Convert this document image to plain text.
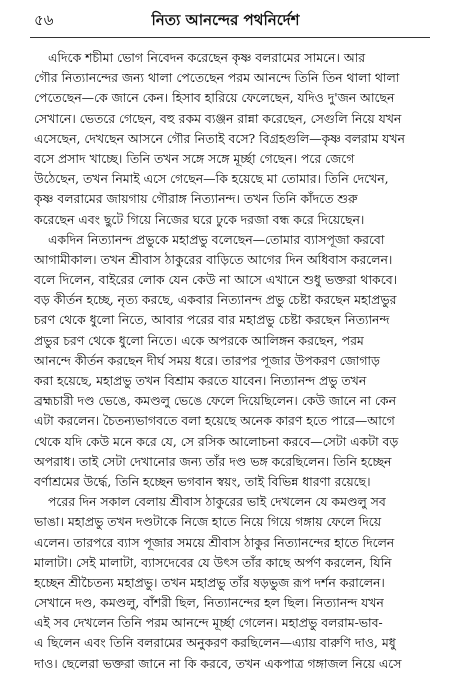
৫৬	নিত্য আনন্দের পথনির্দেশ
এদিকে শচীমা ভোগ নিবেদন করেছেন কৃষ্ণ বলরামের সামনে। আর
গৌর নিত্যানন্দের জন্য থালা পেতেছেন পরম আনন্দে তিনি তিন থালা থালা
পেতেছেন—কে জানে কেন। হিসাব হারিয়ে ফেলেছেন, যদিও দু'জন আছেন
সেখানে। ভেতরে গেছেন, বহু রকম ব্যঞ্জন রান্না করেছেন, সেগুলি নিয়ে যখন
এসেছেন, দেখছেন আসনে গৌর নিতাই বসে? বিগ্রহগুলি—কৃষ্ণ বলরাম যখন
বসে প্রসাদ খাচ্ছে। তিনি তখন সঙ্গে সঙ্গে মূর্চ্ছা গেছেন। পরে জেগে
উঠেছেন, তখন নিমাই এসে গেছেন—কি হয়েছে মা তোমার। তিনি দেখেন,
কৃষ্ণ বলরামের জায়গায় গৌরাঙ্গ নিত্যানন্দ। তখন তিনি কাঁদতে শুরু
করেছেন এবং ছুটে গিয়ে নিজের ঘরে ঢুকে দরজা বন্ধ করে দিয়েছেন।
একদিন নিত্যানন্দ প্রভুকে মহাপ্রভু বলেছেন—তোমার ব্যাসপূজা করবো
আগামীকাল। তখন শ্রীবাস ঠাকুরের বাড়িতে আগের দিন অধিবাস করলেন।
বলে দিলেন, বাইরের লোক যেন কেউ না আসে এখানে শুধু ভক্তরা থাকবে।
বড় কীর্তন হচ্ছে, নৃত্য করছে, একবার নিত্যানন্দ প্রভু চেষ্টা করছেন মহাপ্রভুর
চরণ থেকে ধুলো নিতে, আবার পরের বার মহাপ্রভু চেষ্টা করছেন নিত্যানন্দ
প্রভুর চরণ থেকে ধুলো নিতে। একে অপরকে আলিঙ্গন করছেন, পরম
আনন্দে কীর্তন করছেন দীর্ঘ সময় ধরে। তারপর পূজার উপকরণ জোগাড়
করা হয়েছে, মহাপ্রভু তখন বিশ্রাম করতে যাবেন। নিত্যানন্দ প্রভু তখন
ব্রহ্মচারী দণ্ড ভেঙে, কমণ্ডলু ভেঙে ফেলে দিয়েছিলেন। কেউ জানে না কেন
এটা করলেন। চৈতন্যভাগবতে বলা হয়েছে অনেক কারণ হতে পারে—আগে
থেকে যদি কেউ মনে করে যে, সে রসিক আলোচনা করবে—সেটা একটা বড়
অপরাধ। তাই সেটা দেখানোর জন্য তাঁর দণ্ড ভঙ্গ করেছিলেন। তিনি হচ্ছেন
বর্ণাশ্রমের উর্দ্ধে, তিনি হচ্ছেন ভগবান স্বয়ং, তাই বিভিন্ন ধারণা রয়েছে।
পরের দিন সকাল বেলায় শ্রীবাস ঠাকুরের ভাই দেখলেন যে কমণ্ডলু সব
ভাঙা। মহাপ্রভু তখন দণ্ডটাকে নিজে হাতে নিয়ে গিয়ে গঙ্গায় ফেলে দিয়ে
এলেন। তারপরে ব্যাস পূজার সময়ে শ্রীবাস ঠাকুর নিত্যানন্দের হাতে দিলেন
মালাটা। সেই মালাটা, ব্যাসদেবের যে উৎস তাঁর কাছে অর্পণ করলেন, যিনি
হচ্ছেন শ্রীচৈতন্য মহাপ্রভু। তখন মহাপ্রভু তাঁর ষড়ভুজ রূপ দর্শন করালেন।
সেখানে দণ্ড, কমণ্ডলু, বাঁশরী ছিল, নিত্যানন্দের হল ছিল। নিত্যানন্দ যখন
এই সব দেখলেন তিনি পরম আনন্দে মূর্চ্ছা গেলেন। মহাপ্রভু বলরাম-ভাব-
এ ছিলেন এবং তিনি বলরামের অনুকরণ করছিলেন—এ্যায় বারুণি দাও, মধু
দাও। ছেলেরা ভক্তরা জানে না কি করবে, তখন একপাত্র গঙ্গাজল নিয়ে এসে
